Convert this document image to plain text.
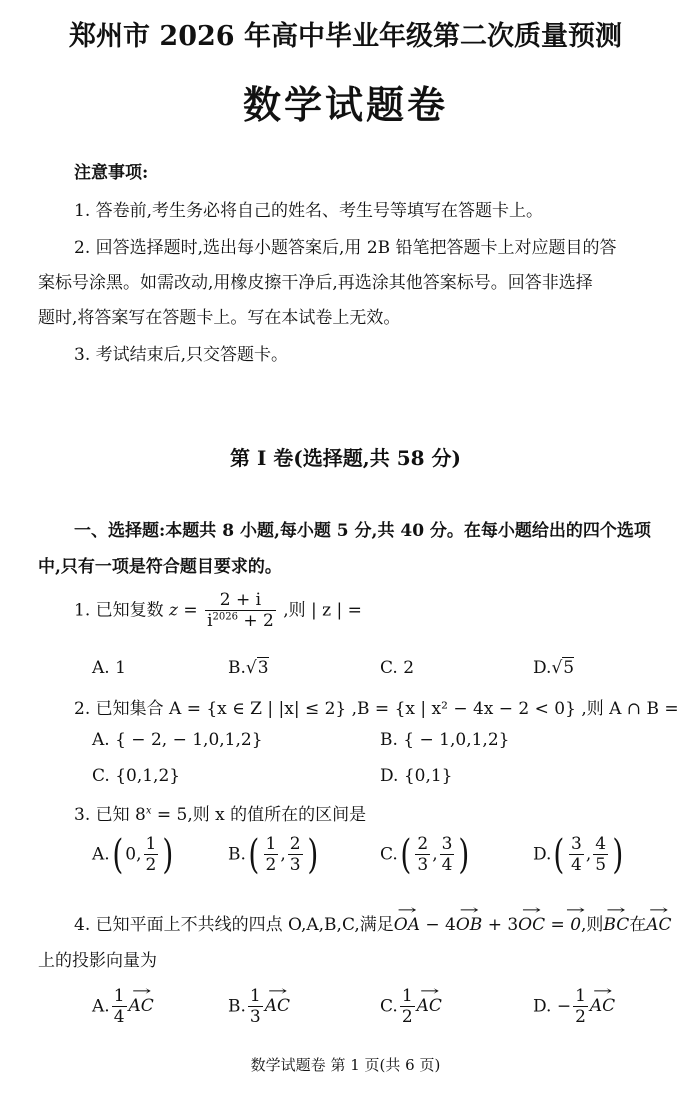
郑州市 2026 年高中毕业年级第二次质量预测
数学试题卷
注意事项:
1. 答卷前,考生务必将自己的姓名、考生号等填写在答题卡上。
2. 回答选择题时,选出每小题答案后,用 2B 铅笔把答题卡上对应题目的答
案标号涂黑。如需改动,用橡皮擦干净后,再选涂其他答案标号。回答非选择
题时,将答案写在答题卡上。写在本试卷上无效。
3. 考试结束后,只交答题卡。
第 Ⅰ 卷(选择题,共 58 分)
一、选择题:本题共 8 小题,每小题 5 分,共 40 分。在每小题给出的四个选项
中,只有一项是符合题目要求的。
1. 已知复数 $z = \frac{2 + i}{i^{2026} + 2}$ ,则 | z | =
A. 1	B.√3	C. 2	D.√5
2. 已知集合 A = {x ∈ Z | |x| ≤ 2} ,B = {x | x² − 4x − 2 < 0} ,则 A ∩ B =
A. { − 2, − 1,0,1,2}	B. { − 1,0,1,2}
C. {0,1,2}	D. {0,1}
3. 已知 $8^x = 5$,则 x 的值所在的区间是
A.( 0, $\frac{1}{2}$ )	$B.( \frac{1}{2}$ , $\frac{2}{3}$ )	$C.( \frac{2}{3}$ , $\frac{3}{4}$ )	$D.( \frac{3}{4}$ , $\frac{4}{5}$ )
4. 已知平面上不共线的四点 O,A,B,C,满足→ OA − 4→ OB + 3→ OC = → 0,则→ BC在→ AC
上的投影向量为
A. $\frac{1}{4}$ → AC	B. $\frac{1}{3}$ → AC	C. $\frac{1}{2}$ → AC	D. − $\frac{1}{2}$ → AC
数学试题卷 第 1 页(共 6 页)
